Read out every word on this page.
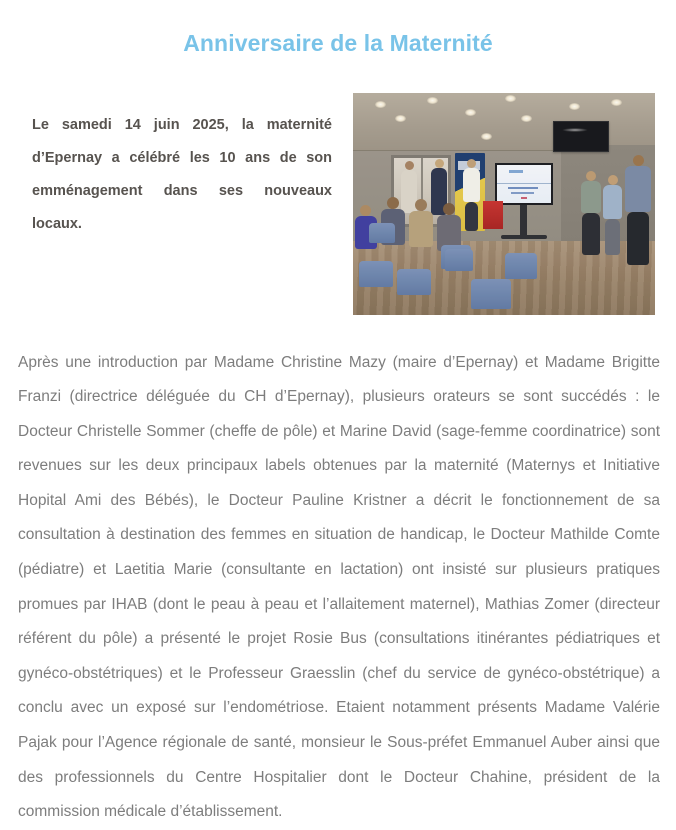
Anniversaire de la Maternité

Le samedi 14 juin 2025, la maternité d’Epernay a célébré les 10 ans de son emménagement dans ses nouveaux locaux.

Après une introduction par Madame Christine Mazy (maire d’Epernay) et Madame Brigitte Franzi (directrice déléguée du CH d’Epernay), plusieurs orateurs se sont succédés : le Docteur Christelle Sommer (cheffe de pôle) et Marine David (sage-femme coordinatrice) sont revenues sur les deux principaux labels obtenues par la maternité (Maternys et Initiative Hopital Ami des Bébés), le Docteur Pauline Kristner a décrit le fonctionnement de sa consultation à destination des femmes en situation de handicap, le Docteur Mathilde Comte (pédiatre) et Laetitia Marie (consultante en lactation) ont insisté sur plusieurs pratiques promues par IHAB (dont le peau à peau et l’allaitement maternel), Mathias Zomer (directeur référent du pôle) a présenté le projet Rosie Bus (consultations itinérantes pédiatriques et gynéco-obstétriques) et le Professeur Graesslin (chef du service de gynéco-obstétrique) a conclu avec un exposé sur l’endométriose. Etaient notamment présents Madame Valérie Pajak pour l’Agence régionale de santé, monsieur le Sous-préfet Emmanuel Auber ainsi que des professionnels du Centre Hospitalier dont le Docteur Chahine, président de la commission médicale d’établissement.
